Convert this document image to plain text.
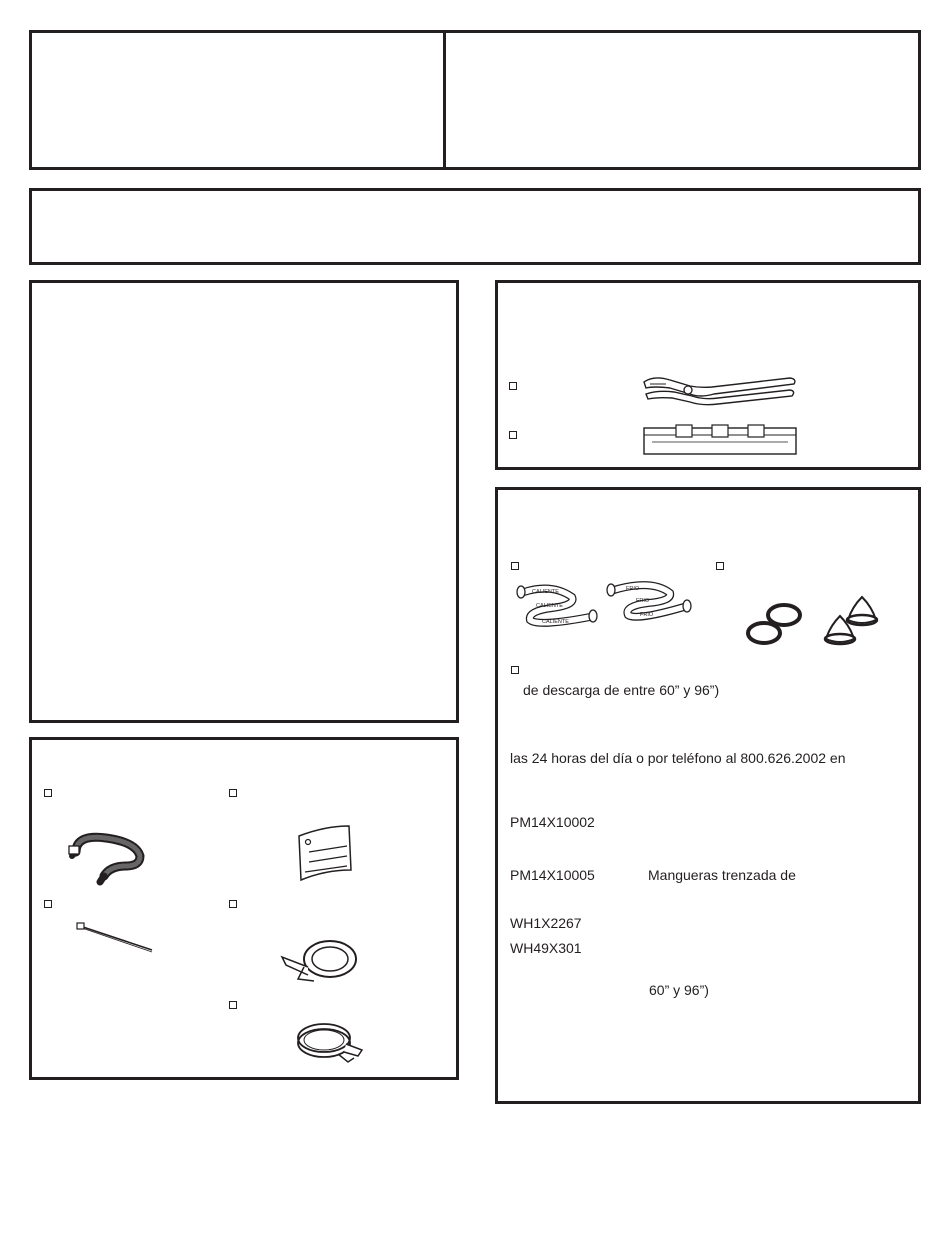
CALIENTE
CALIENTE
CALIENTE
FRIO
FRIO
FRIO
de descarga de entre 60” y 96”)
las 24 horas del día o por teléfono al 800.626.2002 en
PM14X10002
PM14X10005	Mangueras trenzada de
WH1X2267
WH49X301
60” y 96”)
